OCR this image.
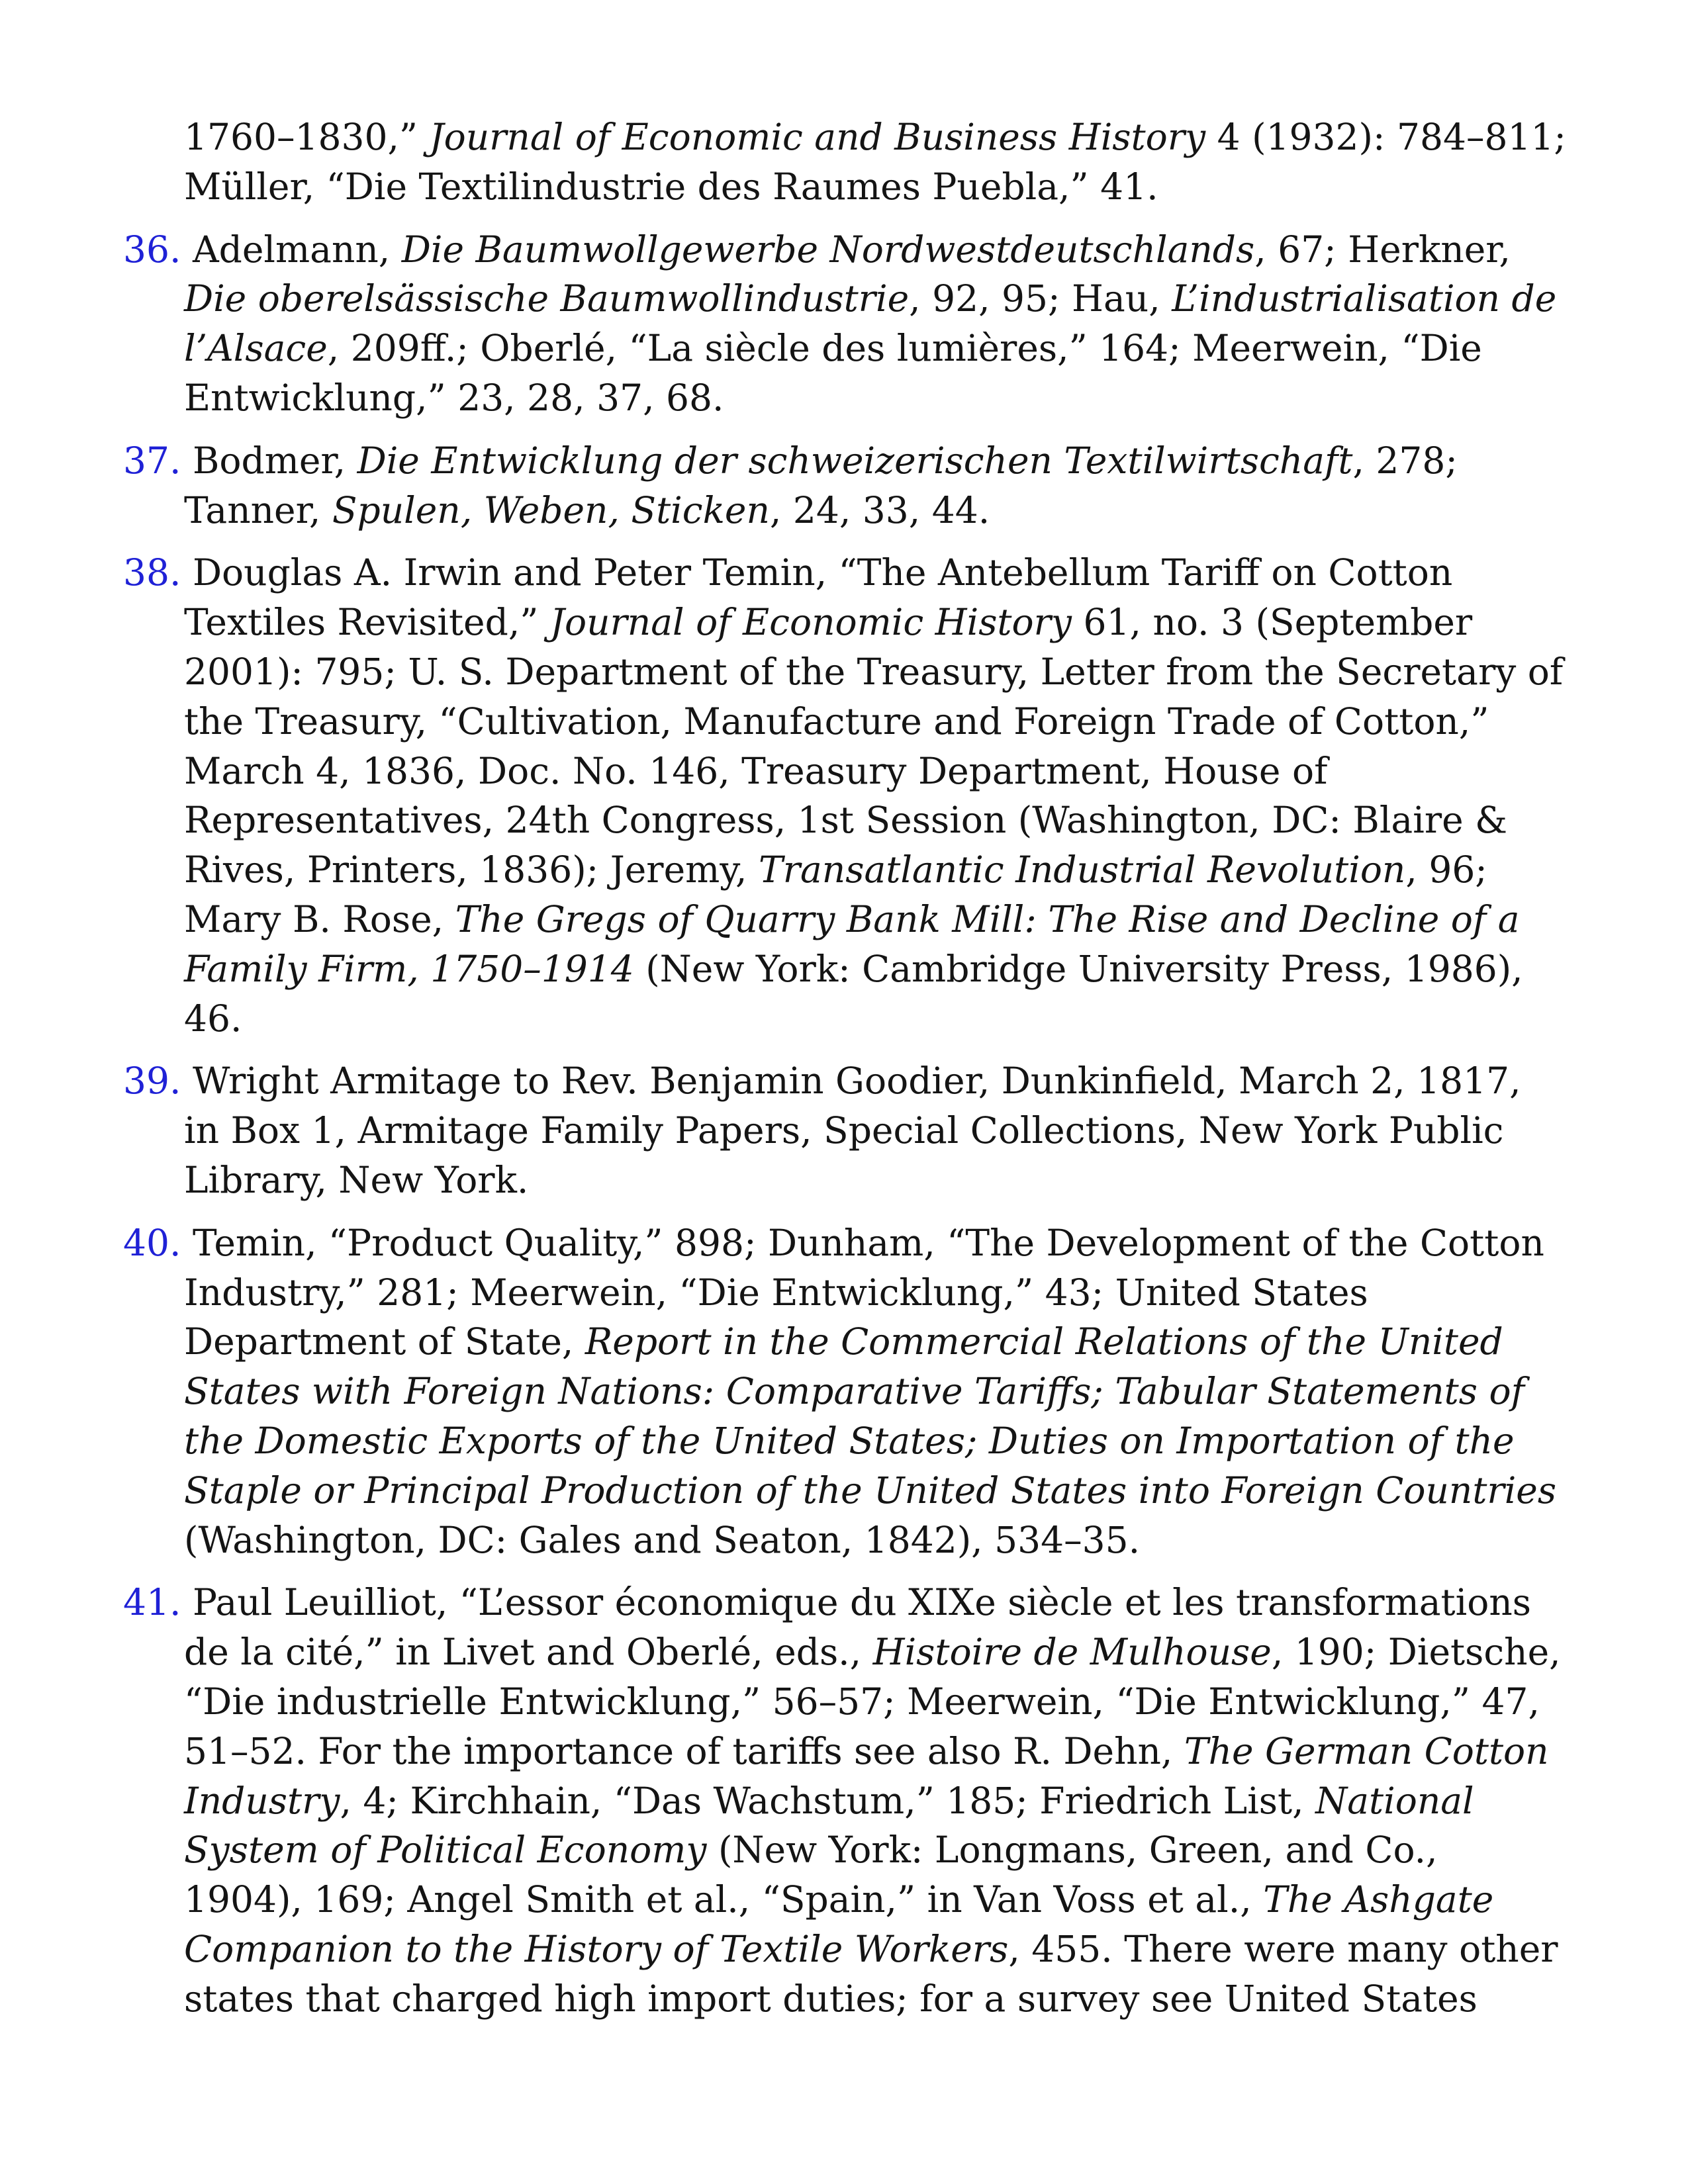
1760–1830,” Journal of Economic and Business History 4 (1932): 784–811; Müller, “Die Textilindustrie des Raumes Puebla,” 41.

36. Adelmann, Die Baumwollgewerbe Nordwestdeutschlands, 67; Herkner, Die oberelsässische Baumwollindustrie, 92, 95; Hau, L’industrialisation de l’Alsace, 209ff.; Oberlé, “La siècle des lumières,” 164; Meerwein, “Die Entwicklung,” 23, 28, 37, 68.

37. Bodmer, Die Entwicklung der schweizerischen Textilwirtschaft, 278; Tanner, Spulen, Weben, Sticken, 24, 33, 44.

38. Douglas A. Irwin and Peter Temin, “The Antebellum Tariff on Cotton Textiles Revisited,” Journal of Economic History 61, no. 3 (September 2001): 795; U. S. Department of the Treasury, Letter from the Secretary of the Treasury, “Cultivation, Manufacture and Foreign Trade of Cotton,” March 4, 1836, Doc. No. 146, Treasury Department, House of Representatives, 24th Congress, 1st Session (Washington, DC: Blaire & Rives, Printers, 1836); Jeremy, Transatlantic Industrial Revolution, 96; Mary B. Rose, The Gregs of Quarry Bank Mill: The Rise and Decline of a Family Firm, 1750–1914 (New York: Cambridge University Press, 1986), 46.

39. Wright Armitage to Rev. Benjamin Goodier, Dunkinfield, March 2, 1817, in Box 1, Armitage Family Papers, Special Collections, New York Public Library, New York.

40. Temin, “Product Quality,” 898; Dunham, “The Development of the Cotton Industry,” 281; Meerwein, “Die Entwicklung,” 43; United States Department of State, Report in the Commercial Relations of the United States with Foreign Nations: Comparative Tariffs; Tabular Statements of the Domestic Exports of the United States; Duties on Importation of the Staple or Principal Production of the United States into Foreign Countries (Washington, DC: Gales and Seaton, 1842), 534–35.

41. Paul Leuilliot, “L’essor économique du XIXe siècle et les transformations de la cité,” in Livet and Oberlé, eds., Histoire de Mulhouse, 190; Dietsche, “Die industrielle Entwicklung,” 56–57; Meerwein, “Die Entwicklung,” 47, 51–52. For the importance of tariffs see also R. Dehn, The German Cotton Industry, 4; Kirchhain, “Das Wachstum,” 185; Friedrich List, National System of Political Economy (New York: Longmans, Green, and Co., 1904), 169; Angel Smith et al., “Spain,” in Van Voss et al., The Ashgate Companion to the History of Textile Workers, 455. There were many other states that charged high import duties; for a survey see United States
